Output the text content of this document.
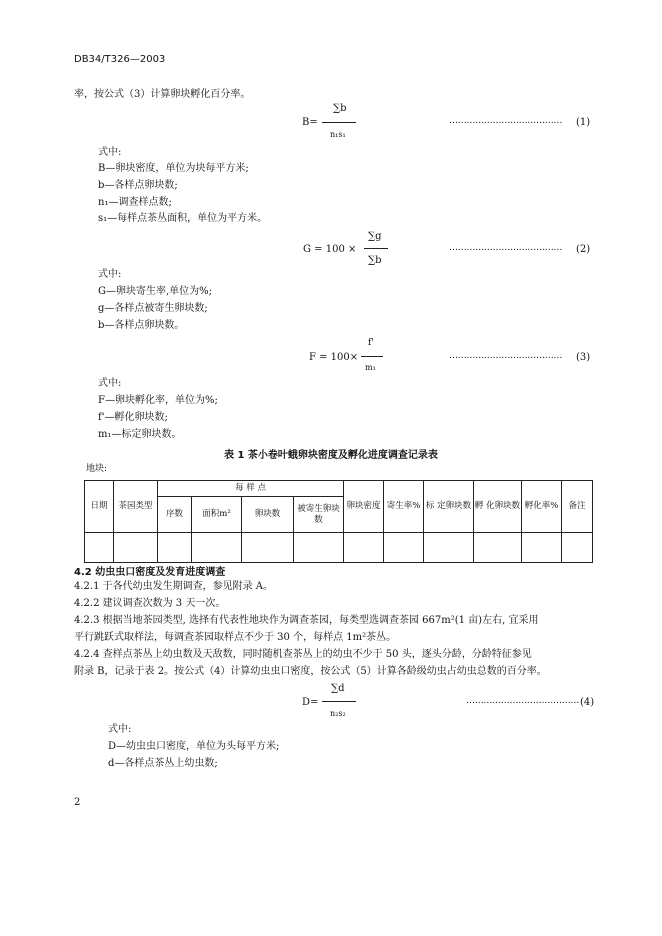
DB34/T326—2003
率，按公式（3）计算卵块孵化百分率。
B=
∑b
n₁s₁
………………………………… (1)
式中:
B—卵块密度，单位为块每平方米;
b—各样点卵块数;
n₁—调查样点数;
s₁—每样点茶丛面积，单位为平方米。
G = 100 ×
∑g
∑b
………………………………… (2)
式中:
G—卵块寄生率,单位为%;
g—各样点被寄生卵块数;
b—各样点卵块数。
F = 100×
f'
m₁
………………………………… (3)
式中:
F—卵块孵化率，单位为%;
f'—孵化卵块数;
m₁—标定卵块数。
表 1 茶小卷叶蛾卵块密度及孵化进度调查记录表
地块:
日期	茶园类型	每 样 点				卵块密度	寄生率%	标 定卵块数	孵 化卵块数	孵化率%	备注
		序数	面积m²	卵块数	被寄生卵块数						

4.2 幼虫虫口密度及发育进度调查
4.2.1 于各代幼虫发生期调查，参见附录 A。
4.2.2 建议调查次数为 3 天一次。
4.2.3 根据当地茶园类型, 选择有代表性地块作为调查茶园，每类型选调查茶园 667m²(1 亩)左右, 宜采用
平行跳跃式取样法，每调查茶园取样点不少于 30 个，每样点 1m²茶丛。
4.2.4 查样点茶丛上幼虫数及天敌数，同时随机查茶丛上的幼虫不少于 50 头，逐头分龄，分龄特征参见
附录 B，记录于表 2。按公式（4）计算幼虫虫口密度，按公式（5）计算各龄级幼虫占幼虫总数的百分率。
D=
∑d
n₂s₂
………………………………… (4)
式中:
D—幼虫虫口密度，单位为头每平方米;
d—各样点茶丛上幼虫数;
2
